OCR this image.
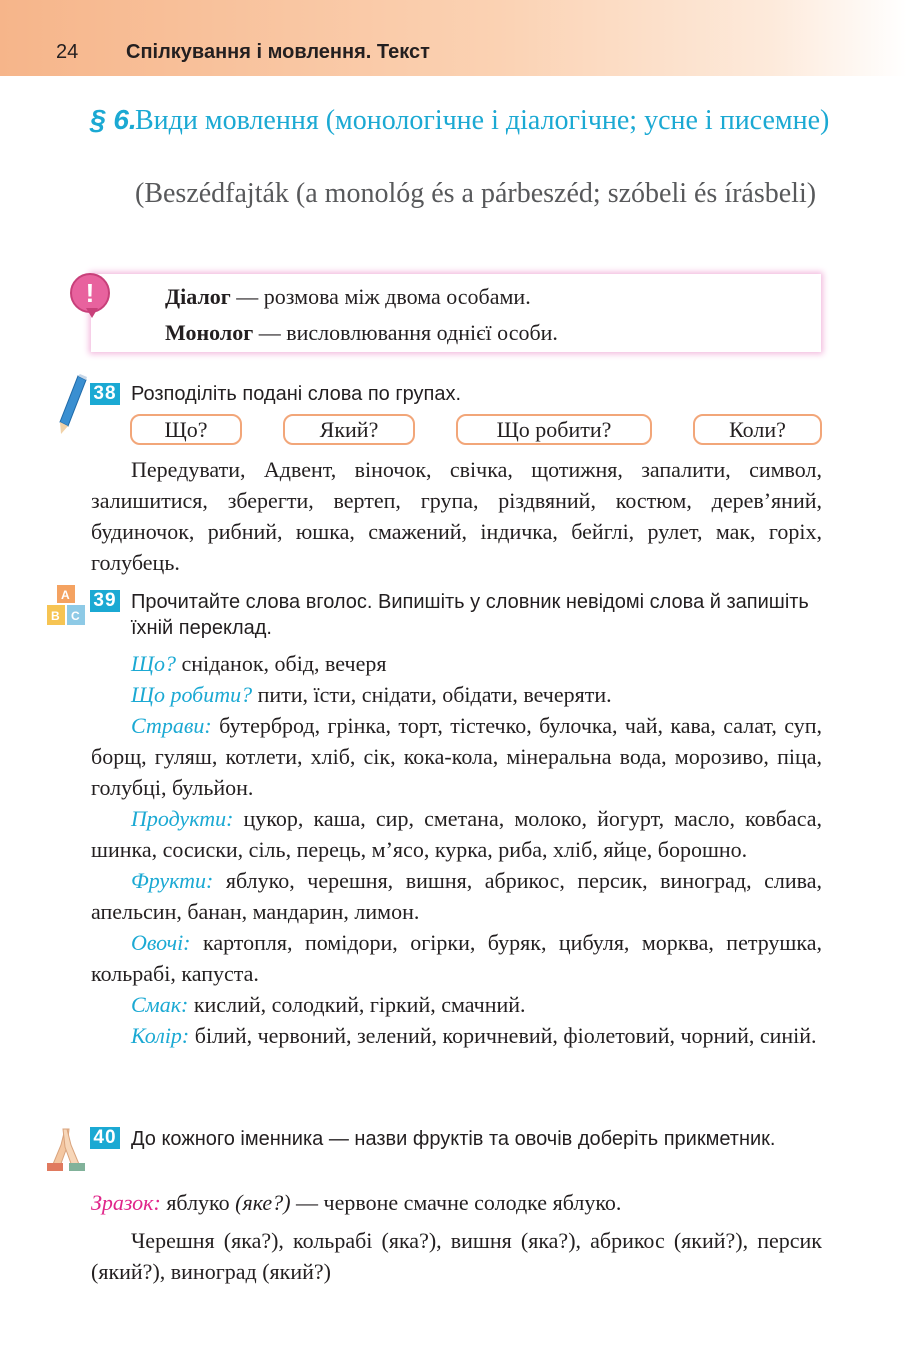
24 Спілкування і мовлення. Текст
§ 6.
Види мовлення (монологічне і діалогічне; усне і писемне)
(Beszédfajták (a monológ és a párbeszéd; szóbeli és írásbeli)
Діалог — розмова між двома особами.
Монолог — висловлювання однієї особи.
!
38 Розподіліть подані слова по групах.
Що?	Який?	Що робити?	Коли?

Передувати, Адвент, віночок, свічка, щотижня, запалити, символ, залишитися, зберегти, вертеп, група, різдвяний, костюм, дерев’яний, будиночок, рибний, юшка, смажений, індичка, бейглі, рулет, мак, горіх, голубець.

A
B C
39 Прочитайте слова вголос. Випишіть у словник невідомі слова й запишіть їхній переклад.

Що? сніданок, обід, вечеря

Що робити? пити, їсти, снідати, обідати, вечеряти.

Страви: бутерброд, грінка, торт, тістечко, булочка, чай, кава, салат, суп, борщ, гуляш, котлети, хліб, сік, кока-кола, мінеральна вода, морозиво, піца, голубці, бульйон.

Продукти: цукор, каша, сир, сметана, молоко, йогурт, масло, ковбаса, шинка, сосиски, сіль, перець, м’ясо, курка, риба, хліб, яйце, борошно.

Фрукти: яблуко, черешня, вишня, абрикос, персик, виноград, слива, апельсин, банан, мандарин, лимон.

Овочі: картопля, помідори, огірки, буряк, цибуля, морква, петрушка, кольрабі, капуста.

Смак: кислий, солодкий, гіркий, смачний.

Колір: білий, червоний, зелений, коричневий, фіолетовий, чорний, синій.

40 До кожного іменника — назви фруктів та овочів доберіть прикметник.

Зразок: яблуко (яке?) — червоне смачне солодке яблуко.

Черешня (яка?), кольрабі (яка?), вишня (яка?), абрикос (який?), персик (який?), виноград (який?)
